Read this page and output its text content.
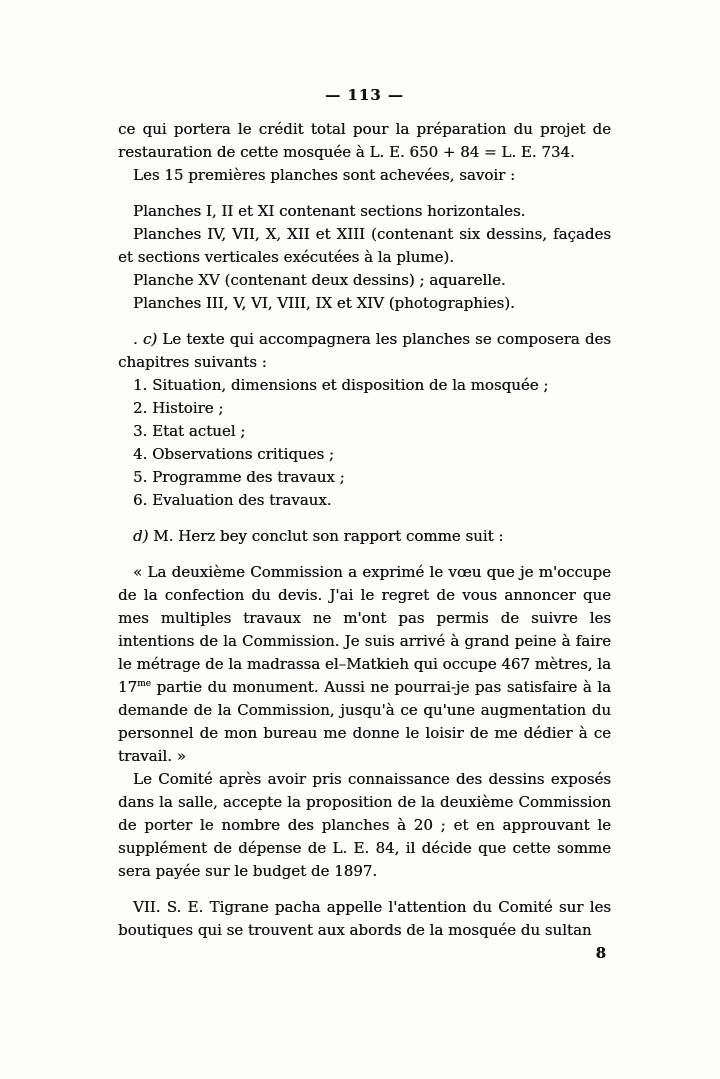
— 113 —

ce qui portera le crédit total pour la préparation du projet de restauration de cette mosquée à L. E. 650 + 84 = L. E. 734.

Les 15 premières planches sont achevées, savoir :

Planches I, II et XI contenant sections horizontales.

Planches IV, VII, X, XII et XIII (contenant six dessins, façades et sections verticales exécutées à la plume).

Planche XV (contenant deux dessins) ; aquarelle.

Planches III, V, VI, VIII, IX et XIV (photographies).

. c) Le texte qui accompagnera les planches se composera des chapitres suivants :

1. Situation, dimensions et disposition de la mosquée ;

2. Histoire ;

3. Etat actuel ;

4. Observations critiques ;

5. Programme des travaux ;

6. Evaluation des travaux.

d) M. Herz bey conclut son rapport comme suit :

« La deuxième Commission a exprimé le vœu que je m'occupe de la confection du devis. J'ai le regret de vous annoncer que mes multiples travaux ne m'ont pas permis de suivre les intentions de la Commission. Je suis arrivé à grand peine à faire le métrage de la madrassa el–Matkieh qui occupe 467 mètres, la $17^{me}$ partie du monument. Aussi ne pourrai-je pas satisfaire à la demande de la Commission, jusqu'à ce qu'une augmentation du personnel de mon bureau me donne le loisir de me dédier à ce travail. »

Le Comité après avoir pris connaissance des dessins exposés dans la salle, accepte la proposition de la deuxième Commission de porter le nombre des planches à 20 ; et en approuvant le supplément de dépense de L. E. 84, il décide que cette somme sera payée sur le budget de 1897.

VII. S. E. Tigrane pacha appelle l'attention du Comité sur les boutiques qui se trouvent aux abords de la mosquée du sultan

8
